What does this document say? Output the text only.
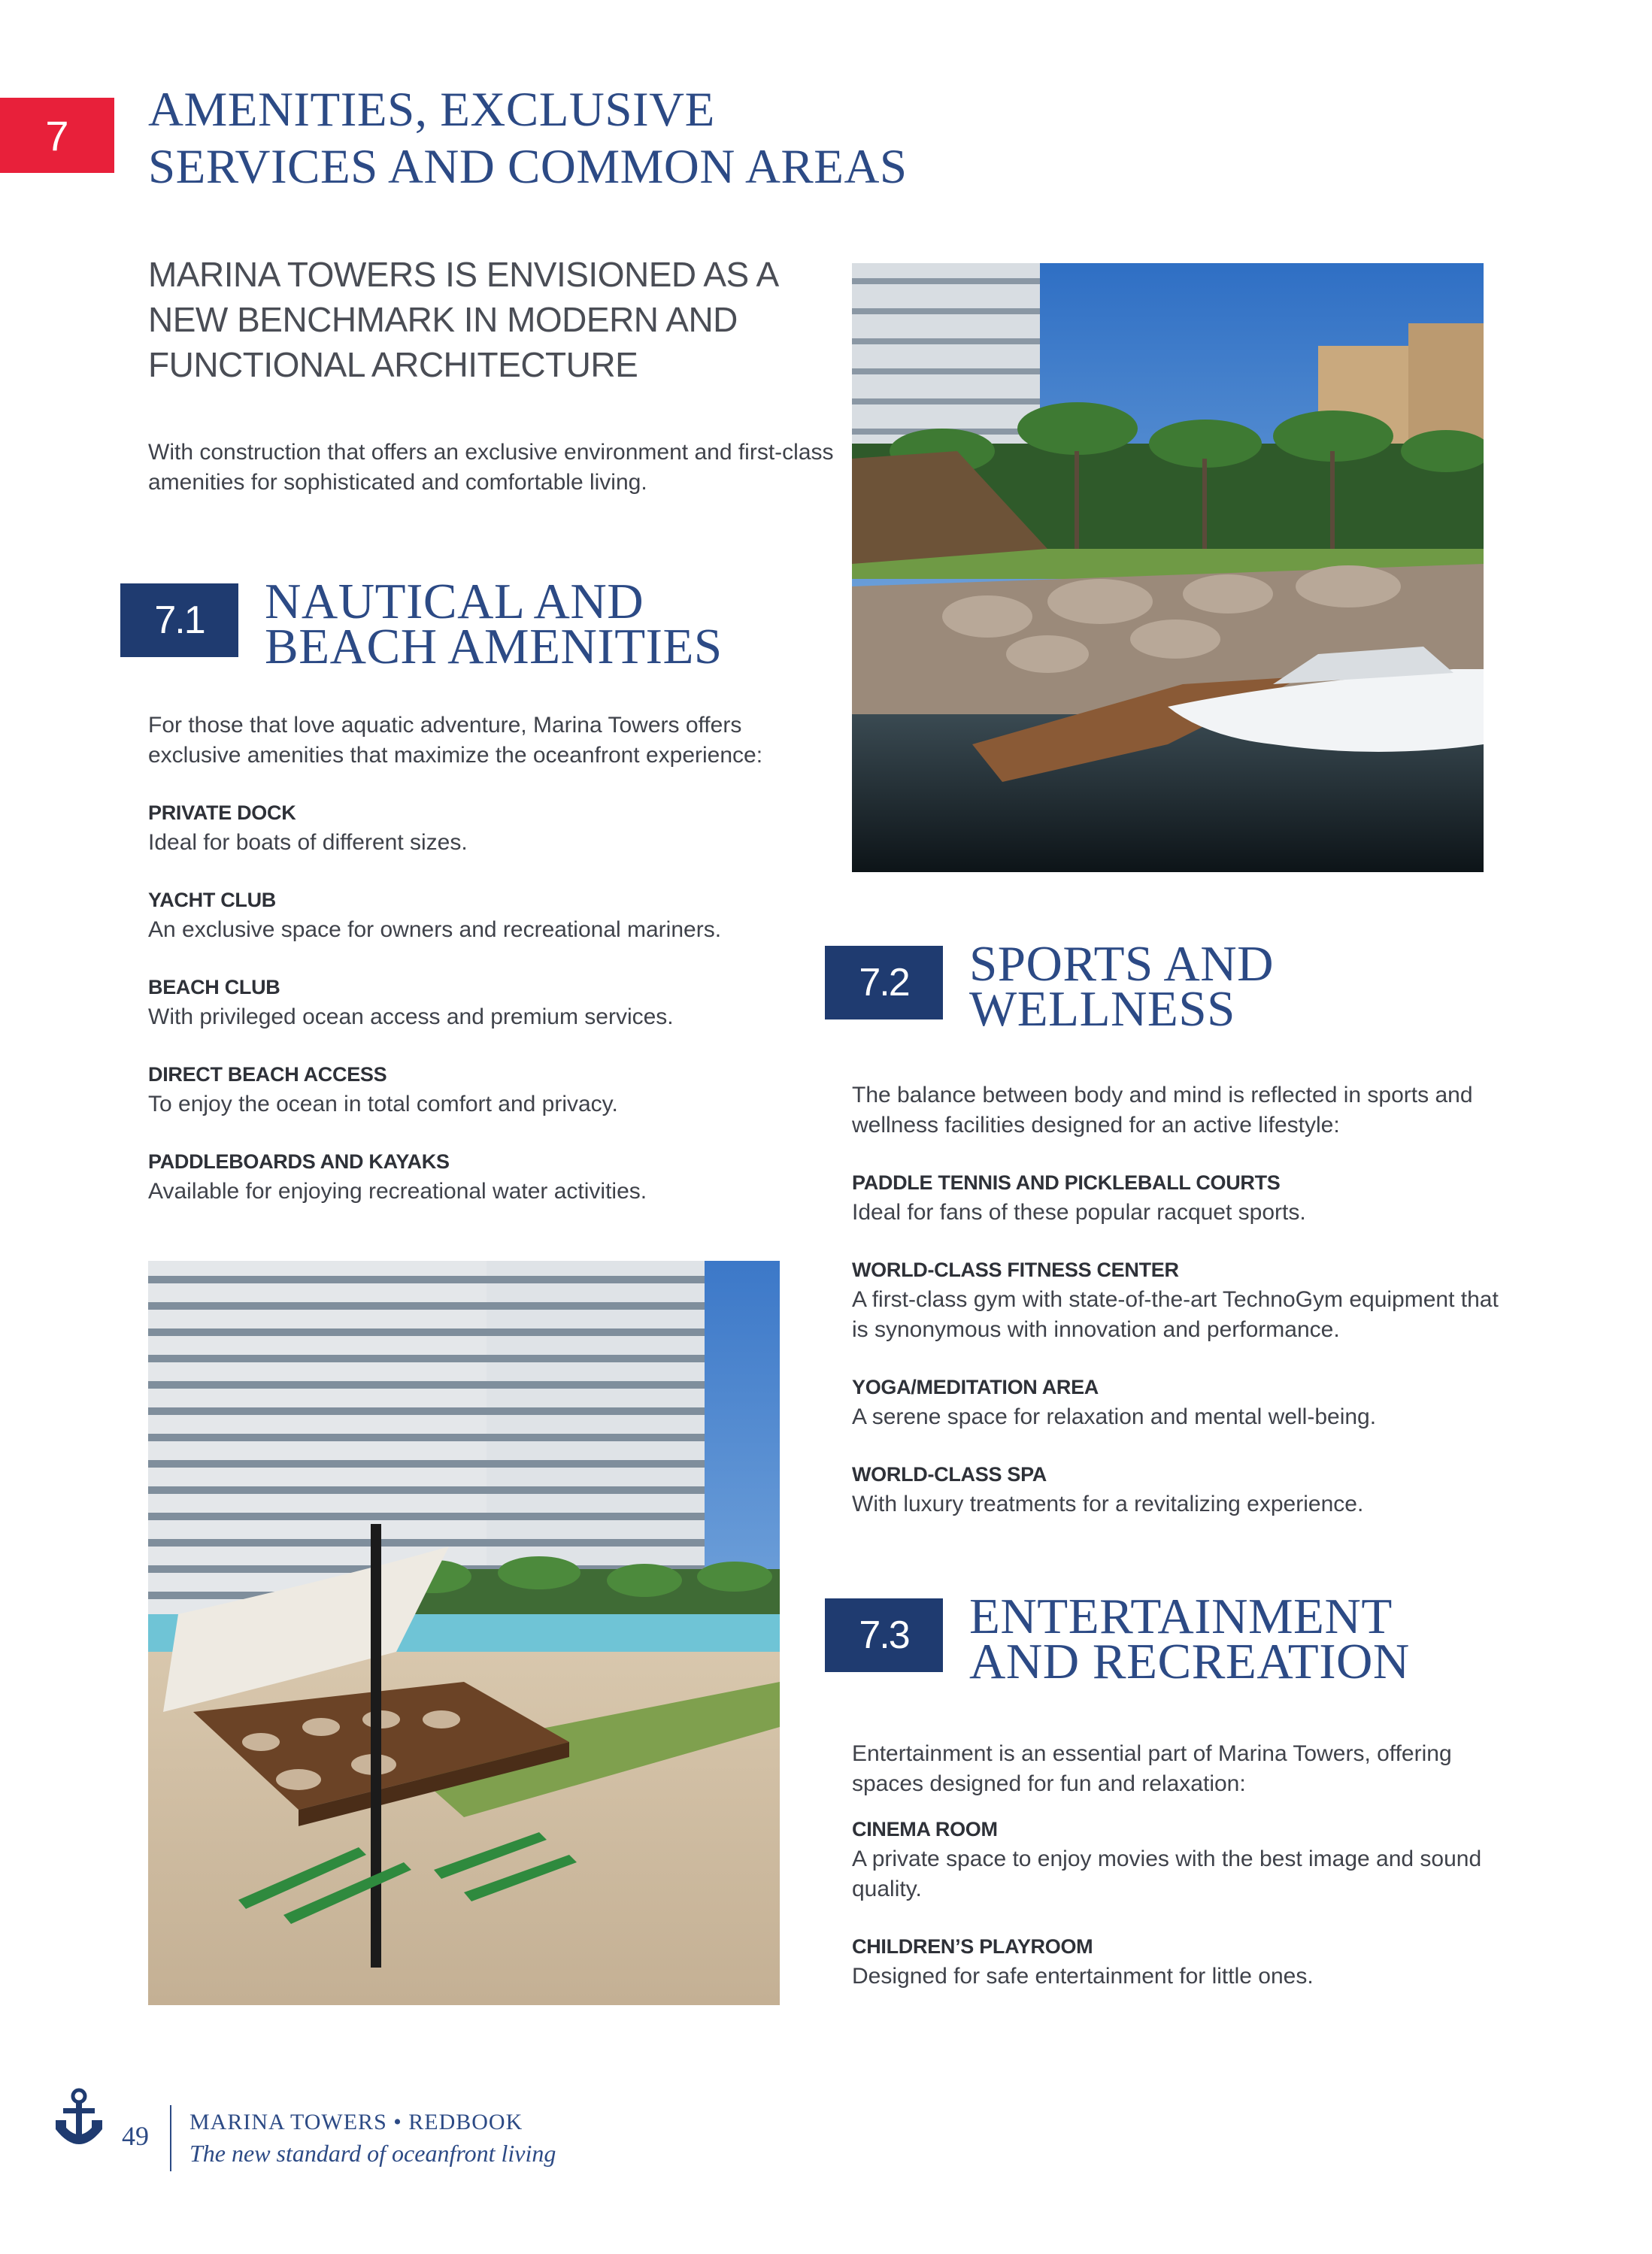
7	AMENITIES, EXCLUSIVE
SERVICES AND COMMON AREAS
MARINA TOWERS IS ENVISIONED AS A
NEW BENCHMARK IN MODERN AND
FUNCTIONAL ARCHITECTURE
With construction that offers an exclusive environment and first-class amenities for sophisticated and comfortable living.
7.1	NAUTICAL AND
BEACH AMENITIES
For those that love aquatic adventure, Marina Towers offers exclusive amenities that maximize the oceanfront experience:
PRIVATE DOCK
Ideal for boats of different sizes.
YACHT CLUB
An exclusive space for owners and recreational mariners.
BEACH CLUB
With privileged ocean access and premium services.
DIRECT BEACH ACCESS
To enjoy the ocean in total comfort and privacy.
PADDLEBOARDS AND KAYAKS
Available for enjoying recreational water activities.
7.2	SPORTS AND
WELLNESS
The balance between body and mind is reflected in sports and wellness facilities designed for an active lifestyle:
PADDLE TENNIS AND PICKLEBALL COURTS
Ideal for fans of these popular racquet sports.
WORLD-CLASS FITNESS CENTER
A first-class gym with state-of-the-art TechnoGym equipment that is synonymous with innovation and performance.
YOGA/MEDITATION AREA
A serene space for relaxation and mental well-being.
WORLD-CLASS SPA
With luxury treatments for a revitalizing experience.
7.3	ENTERTAINMENT
AND RECREATION
Entertainment is an essential part of Marina Towers, offering spaces designed for fun and relaxation:
CINEMA ROOM
A private space to enjoy movies with the best image and sound quality.
CHILDREN’S PLAYROOM
Designed for safe entertainment for little ones.
49 MARINA TOWERS • REDBOOK
The new standard of oceanfront living
